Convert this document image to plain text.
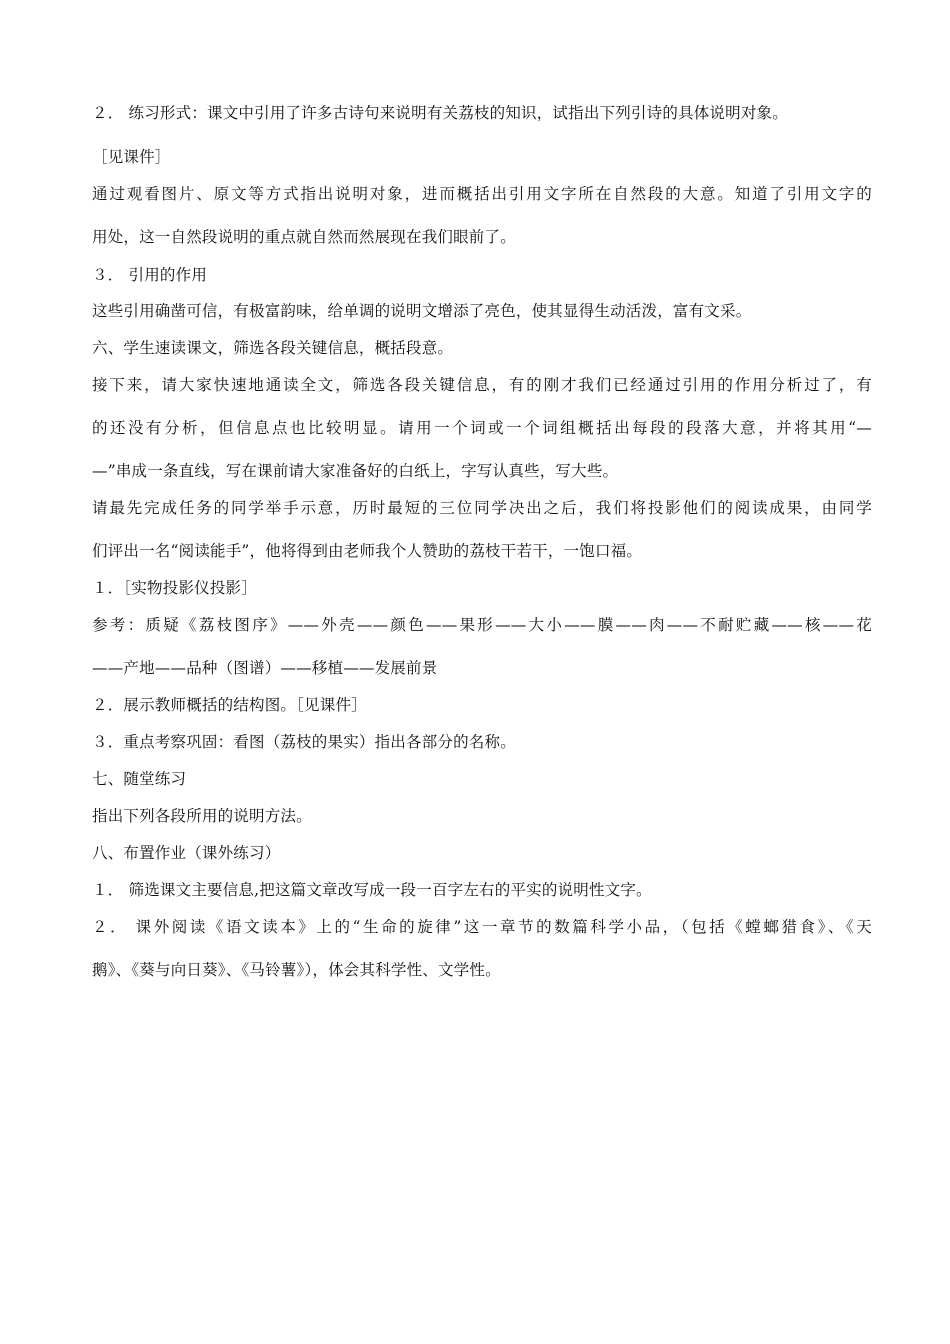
２． 练习形式：课文中引用了许多古诗句来说明有关荔枝的知识，试指出下列引诗的具体说明对象。
［见课件］
通过观看图片、原文等方式指出说明对象，进而概括出引用文字所在自然段的大意。知道了引用文字的
用处，这一自然段说明的重点就自然而然展现在我们眼前了。
３． 引用的作用
这些引用确凿可信，有极富韵味，给单调的说明文增添了亮色，使其显得生动活泼，富有文采。
六、学生速读课文，筛选各段关键信息，概括段意。
接下来，请大家快速地通读全文，筛选各段关键信息，有的刚才我们已经通过引用的作用分析过了，有
的还没有分析，但信息点也比较明显。请用一个词或一个词组概括出每段的段落大意，并将其用“—
—”串成一条直线，写在课前请大家准备好的白纸上，字写认真些，写大些。
请最先完成任务的同学举手示意，历时最短的三位同学决出之后，我们将投影他们的阅读成果，由同学
们评出一名“阅读能手”，他将得到由老师我个人赞助的荔枝干若干，一饱口福。
１．［实物投影仪投影］
参考：质疑《荔枝图序》——外壳——颜色——果形——大小——膜——肉——不耐贮藏——核——花
——产地——品种（图谱）——移植——发展前景
２．展示教师概括的结构图。［见课件］
３．重点考察巩固：看图（荔枝的果实）指出各部分的名称。
七、随堂练习
指出下列各段所用的说明方法。
八、布置作业（课外练习）
１． 筛选课文主要信息,把这篇文章改写成一段一百字左右的平实的说明性文字。
２． 课外阅读《语文读本》上的“生命的旋律”这一章节的数篇科学小品，（包括《螳螂猎食》、《天
鹅》、《葵与向日葵》、《马铃薯》），体会其科学性、文学性。
